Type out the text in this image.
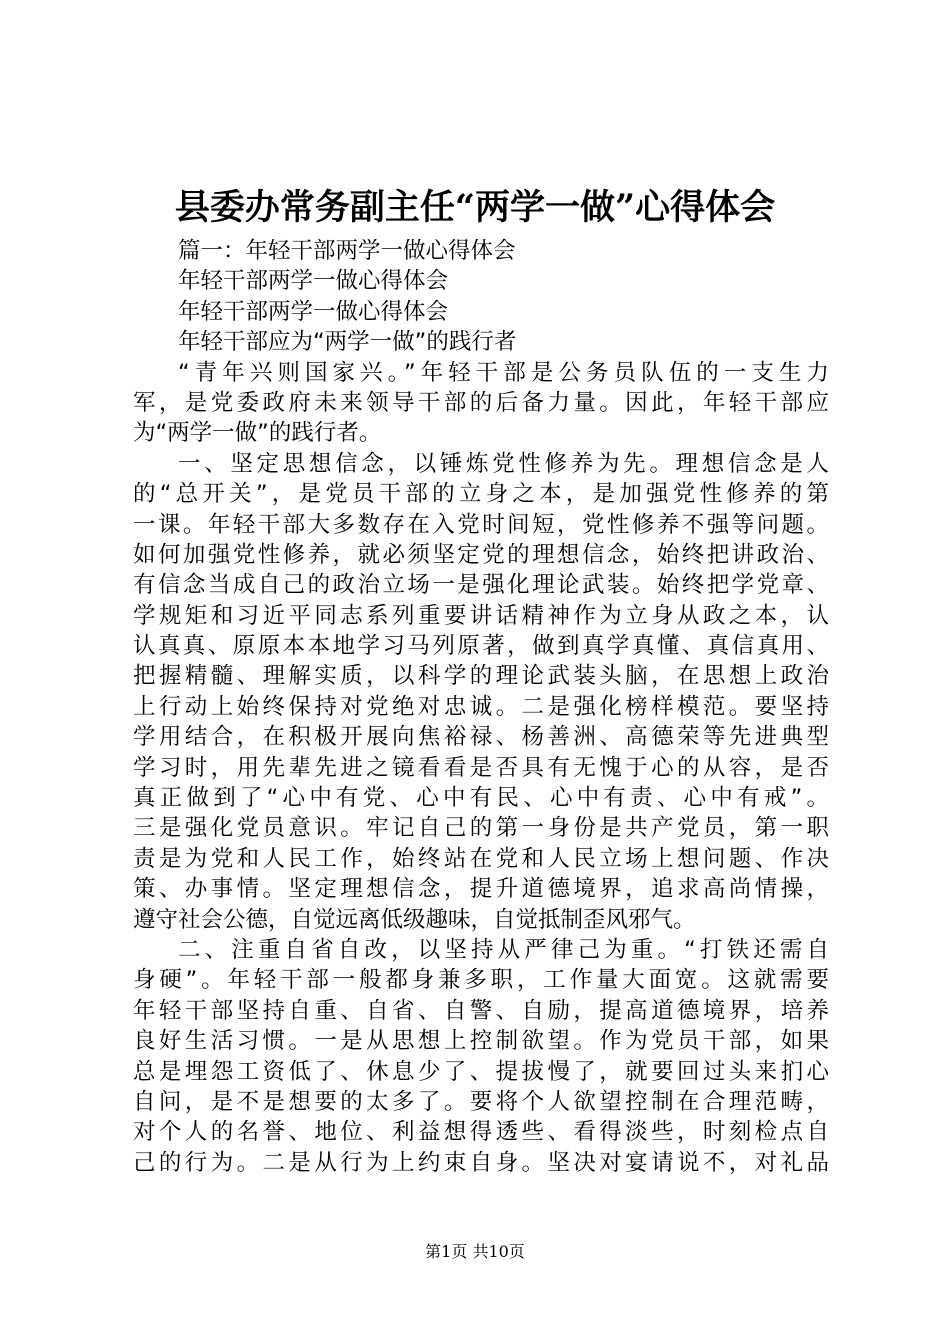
县委办常务副主任“两学一做”心得体会
篇一：年轻干部两学一做心得体会
年轻干部两学一做心得体会
年轻干部两学一做心得体会
年轻干部应为“两学一做”的践行者
“青年兴则国家兴。”年轻干部是公务员队伍的一支生力
军，是党委政府未来领导干部的后备力量。因此，年轻干部应
为“两学一做”的践行者。
一、坚定思想信念，以锤炼党性修养为先。理想信念是人
的“总开关”，是党员干部的立身之本，是加强党性修养的第
一课。年轻干部大多数存在入党时间短，党性修养不强等问题。
如何加强党性修养，就必须坚定党的理想信念，始终把讲政治、
有信念当成自己的政治立场一是强化理论武装。始终把学党章、
学规矩和习近平同志系列重要讲话精神作为立身从政之本，认
认真真、原原本本地学习马列原著，做到真学真懂、真信真用、
把握精髓、理解实质，以科学的理论武装头脑，在思想上政治
上行动上始终保持对党绝对忠诚。二是强化榜样模范。要坚持
学用结合，在积极开展向焦裕禄、杨善洲、高德荣等先进典型
学习时，用先辈先进之镜看看是否具有无愧于心的从容，是否
真正做到了“心中有党、心中有民、心中有责、心中有戒”。
三是强化党员意识。牢记自己的第一身份是共产党员，第一职
责是为党和人民工作，始终站在党和人民立场上想问题、作决
策、办事情。坚定理想信念，提升道德境界，追求高尚情操，
遵守社会公德，自觉远离低级趣味，自觉抵制歪风邪气。
二、注重自省自改，以坚持从严律己为重。“打铁还需自
身硬”。年轻干部一般都身兼多职，工作量大面宽。这就需要
年轻干部坚持自重、自省、自警、自励，提高道德境界，培养
良好生活习惯。一是从思想上控制欲望。作为党员干部，如果
总是埋怨工资低了、休息少了、提拔慢了，就要回过头来扪心
自问，是不是想要的太多了。要将个人欲望控制在合理范畴，
对个人的名誉、地位、利益想得透些、看得淡些，时刻检点自
己的行为。二是从行为上约束自身。坚决对宴请说不，对礼品
第1页 共10页
